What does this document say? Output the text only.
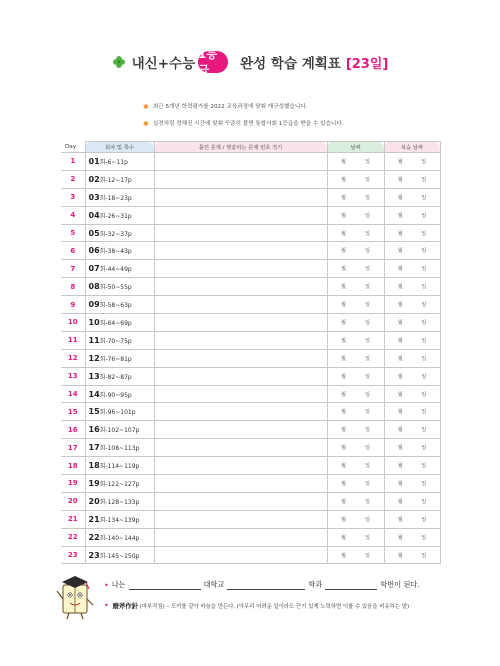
내신+수능
1등급	완성 학습 계획표 [23일]
✱ 최근 5개년 학력평가를 2022 교육과정에 맞춰 재구성했습니다.
✱ 실전처럼 정해진 시간에 맞춰 꾸준히 풀면 통합사회 1등급을 받을 수 있습니다.
Day	회차 및 쪽수	틀린 문제 / 헷갈리는 문제 번호 적기	날짜	복습 날짜
1	01회-6~11p		월 일	월 일

2	02회-12~17p		월 일	월 일

3	03회-18~23p		월 일	월 일

4	04회-26~31p		월 일	월 일

5	05회-32~37p		월 일	월 일

6	06회-38~43p		월 일	월 일

7	07회-44~49p		월 일	월 일

8	08회-50~55p		월 일	월 일

9	09회-58~63p		월 일	월 일

10	10회-64~69p		월 일	월 일

11	11회-70~75p		월 일	월 일

12	12회-76~81p		월 일	월 일

13	13회-82~87p		월 일	월 일

14	14회-90~95p		월 일	월 일

15	15회-96~101p		월 일	월 일

16	16회-102~107p		월 일	월 일

17	17회-108~113p		월 일	월 일

18	18회-114~119p		월 일	월 일

19	19회-122~127p		월 일	월 일

20	20회-128~133p		월 일	월 일

21	21회-134~139p		월 일	월 일

22	22회-140~144p		월 일	월 일

23	23회-145~150p		월 일	월 일
• 나는	대학교	학과	학번이 된다.
• 磨斧作針 (마부작침) – 도끼를 갈아 바늘을 만든다. (아무리 어려운 일이라도 끈기 있게 노력하면 이룰 수 있음을 비유하는 말)
